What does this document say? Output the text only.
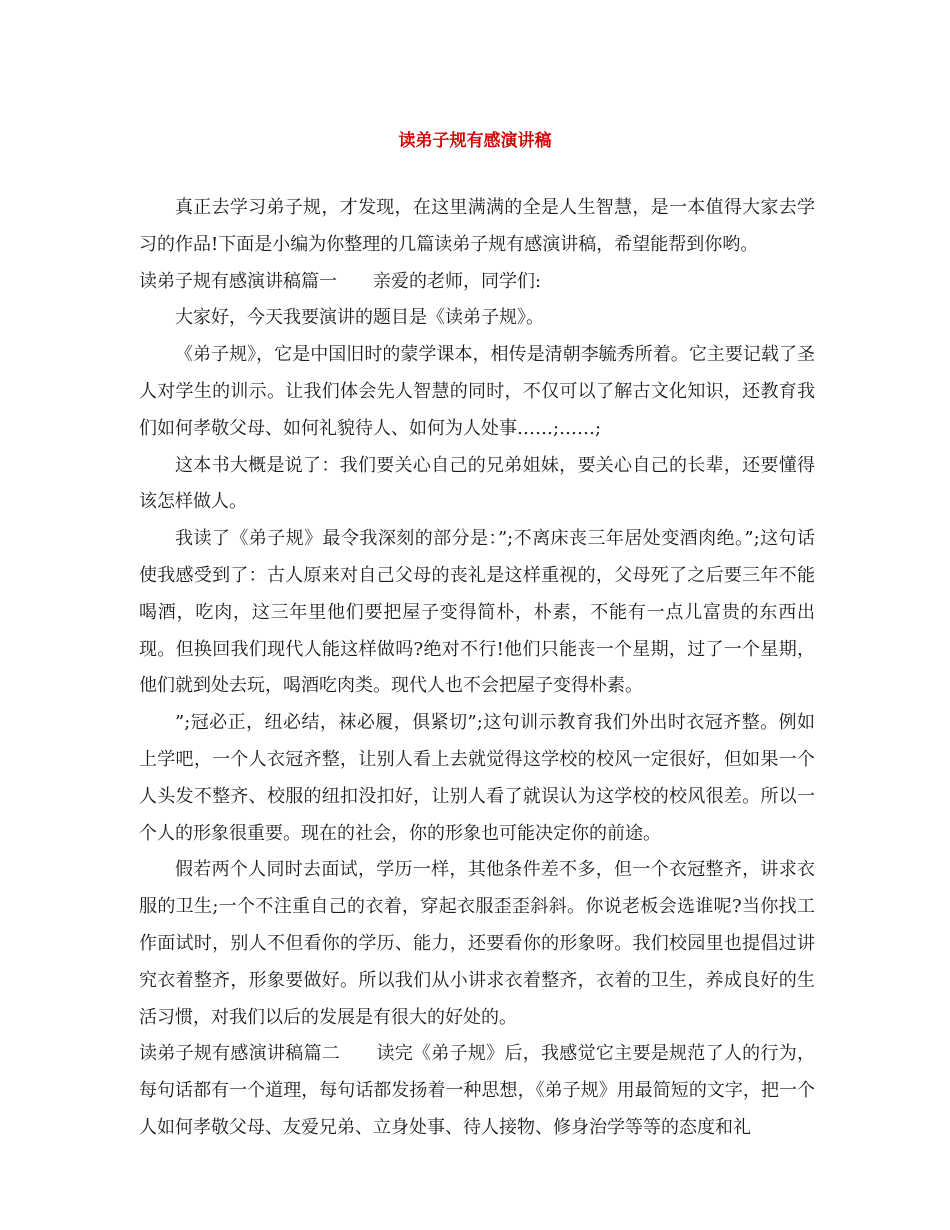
读弟子规有感演讲稿

真正去学习弟子规，才发现，在这里满满的全是人生智慧，是一本值得大家去学习的作品!下面是小编为你整理的几篇读弟子规有感演讲稿，希望能帮到你哟。

读弟子规有感演讲稿篇一 亲爱的老师，同学们:

大家好，今天我要演讲的题目是《读弟子规》。

《弟子规》，它是中国旧时的蒙学课本，相传是清朝李毓秀所着。它主要记载了圣人对学生的训示。让我们体会先人智慧的同时，不仅可以了解古文化知识，还教育我们如何孝敬父母、如何礼貌待人、如何为人处事……;……;

这本书大概是说了：我们要关心自己的兄弟姐妹，要关心自己的长辈，还要懂得该怎样做人。

我读了《弟子规》最令我深刻的部分是：”;不离床丧三年居处变酒肉绝。”;这句话使我感受到了：古人原来对自己父母的丧礼是这样重视的，父母死了之后要三年不能喝酒，吃肉，这三年里他们要把屋子变得简朴，朴素，不能有一点儿富贵的东西出现。但换回我们现代人能这样做吗?绝对不行!他们只能丧一个星期，过了一个星期，他们就到处去玩，喝酒吃肉类。现代人也不会把屋子变得朴素。

”;冠必正，纽必结，袜必履，俱紧切”;这句训示教育我们外出时衣冠齐整。例如上学吧，一个人衣冠齐整，让别人看上去就觉得这学校的校风一定很好，但如果一个人头发不整齐、校服的纽扣没扣好，让别人看了就误认为这学校的校风很差。所以一个人的形象很重要。现在的社会，你的形象也可能决定你的前途。

假若两个人同时去面试，学历一样，其他条件差不多，但一个衣冠整齐，讲求衣服的卫生;一个不注重自己的衣着，穿起衣服歪歪斜斜。你说老板会选谁呢?当你找工作面试时，别人不但看你的学历、能力，还要看你的形象呀。我们校园里也提倡过讲究衣着整齐，形象要做好。所以我们从小讲求衣着整齐，衣着的卫生，养成良好的生活习惯，对我们以后的发展是有很大的好处的。

读弟子规有感演讲稿篇二 读完《弟子规》后，我感觉它主要是规范了人的行为，每句话都有一个道理，每句话都发扬着一种思想，《弟子规》用最简短的文字，把一个人如何孝敬父母、友爱兄弟、立身处事、待人接物、修身治学等等的态度和礼
